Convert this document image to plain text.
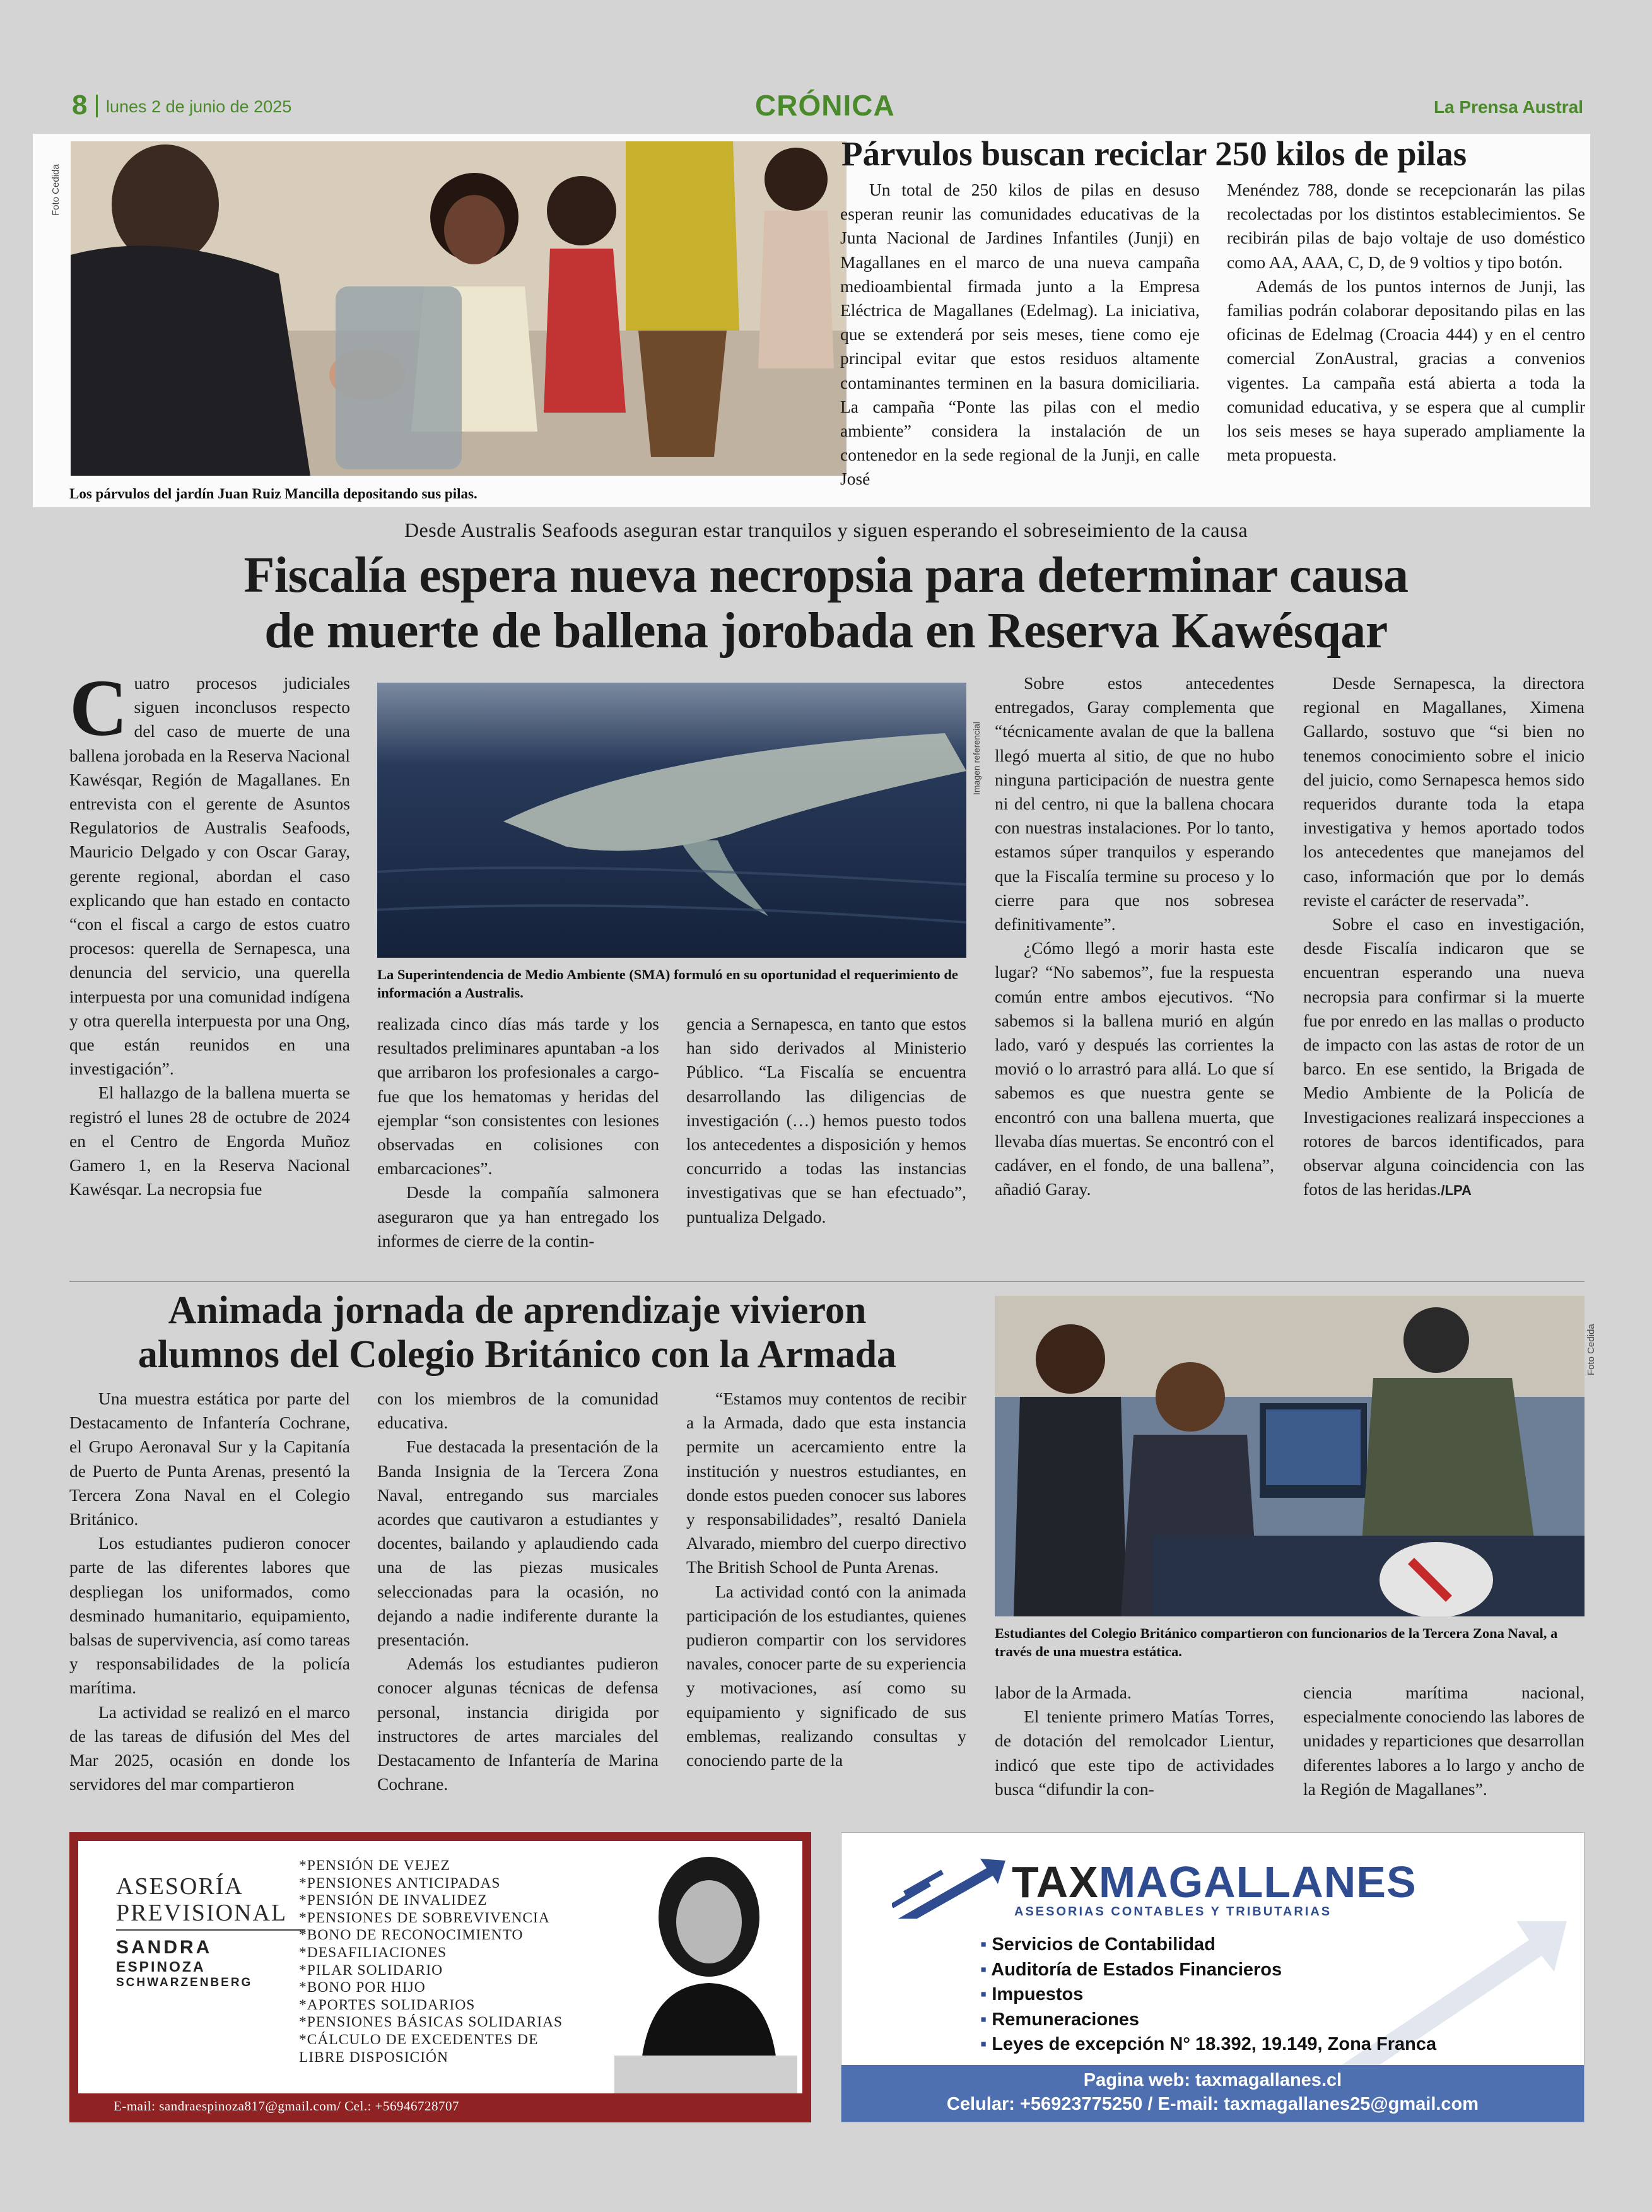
8 lunes 2 de junio de 2025	CRÓNICA	La Prensa Austral
Foto Cedida
Los párvulos del jardín Juan Ruiz Mancilla depositando sus pilas.
Párvulos buscan reciclar 250 kilos de pilas

Un total de 250 kilos de pilas en desuso esperan reunir las comunidades educativas de la Junta Nacional de Jardines Infantiles (Junji) en Magallanes en el marco de una nueva campaña medioambiental firmada junto a la Empresa Eléctrica de Magallanes (Edelmag). La iniciativa, que se extenderá por seis meses, tiene como eje principal evitar que estos residuos altamente contaminantes terminen en la basura domiciliaria. La campaña “Ponte las pilas con el medio ambiente” considera la instalación de un contenedor en la sede regional de la Junji, en calle José

Menéndez 788, donde se recepcionarán las pilas recolectadas por los distintos establecimientos. Se recibirán pilas de bajo voltaje de uso doméstico como AA, AAA, C, D, de 9 voltios y tipo botón.

Además de los puntos internos de Junji, las familias podrán colaborar depositando pilas en las oficinas de Edelmag (Croacia 444) y en el centro comercial ZonAustral, gracias a convenios vigentes. La campaña está abierta a toda la comunidad educativa, y se espera que al cumplir los seis meses se haya superado ampliamente la meta propuesta.

Desde Australis Seafoods aseguran estar tranquilos y siguen esperando el sobreseimiento de la causa
Fiscalía espera nueva necropsia para determinar causa
de muerte de ballena jorobada en Reserva Kawésqar

Cuatro procesos judiciales siguen inconclusos respecto del caso de muerte de una ballena jorobada en la Reserva Nacional Kawésqar, Región de Magallanes. En entrevista con el gerente de Asuntos Regulatorios de Australis Seafoods, Mauricio Delgado y con Oscar Garay, gerente regional, abordan el caso explicando que han estado en contacto “con el fiscal a cargo de estos cuatro procesos: querella de Sernapesca, una denuncia del servicio, una querella interpuesta por una comunidad indígena y otra querella interpuesta por una Ong, que están reunidos en una investigación”.

El hallazgo de la ballena muerta se registró el lunes 28 de octubre de 2024 en el Centro de Engorda Muñoz Gamero 1, en la Reserva Nacional Kawésqar. La necropsia fue

Imagen referencial
La Superintendencia de Medio Ambiente (SMA) formuló en su oportunidad el requerimiento de información a Australis.

realizada cinco días más tarde y los resultados preliminares apuntaban -a los que arribaron los profesionales a cargo- fue que los hematomas y heridas del ejemplar “son consistentes con lesiones observadas en colisiones con embarcaciones”.

Desde la compañía salmonera aseguraron que ya han entregado los informes de cierre de la contin-

gencia a Sernapesca, en tanto que estos han sido derivados al Ministerio Público. “La Fiscalía se encuentra desarrollando las diligencias de investigación (…) hemos puesto todos los antecedentes a disposición y hemos concurrido a todas las instancias investigativas que se han efectuado”, puntualiza Delgado.

Sobre estos antecedentes entregados, Garay complementa que “técnicamente avalan de que la ballena llegó muerta al sitio, de que no hubo ninguna participación de nuestra gente ni del centro, ni que la ballena chocara con nuestras instalaciones. Por lo tanto, estamos súper tranquilos y esperando que la Fiscalía termine su proceso y lo cierre para que nos sobresea definitivamente”.

¿Cómo llegó a morir hasta este lugar? “No sabemos”, fue la respuesta común entre ambos ejecutivos. “No sabemos si la ballena murió en algún lado, varó y después las corrientes la movió o lo arrastró para allá. Lo que sí sabemos es que nuestra gente se encontró con una ballena muerta, que llevaba días muertas. Se encontró con el cadáver, en el fondo, de una ballena”, añadió Garay.

Desde Sernapesca, la directora regional en Magallanes, Ximena Gallardo, sostuvo que “si bien no tenemos conocimiento sobre el inicio del juicio, como Sernapesca hemos sido requeridos durante toda la etapa investigativa y hemos aportado todos los antecedentes que manejamos del caso, información que por lo demás reviste el carácter de reservada”.

Sobre el caso en investigación, desde Fiscalía indicaron que se encuentran esperando una nueva necropsia para confirmar si la muerte fue por enredo en las mallas o producto de impacto con las astas de rotor de un barco. En ese sentido, la Brigada de Medio Ambiente de la Policía de Investigaciones realizará inspecciones a rotores de barcos identificados, para observar alguna coincidencia con las fotos de las heridas./LPA

Animada jornada de aprendizaje vivieron
alumnos del Colegio Británico con la Armada

Una muestra estática por parte del Destacamento de Infantería Cochrane, el Grupo Aeronaval Sur y la Capitanía de Puerto de Punta Arenas, presentó la Tercera Zona Naval en el Colegio Británico.

Los estudiantes pudieron conocer parte de las diferentes labores que despliegan los uniformados, como desminado humanitario, equipamiento, balsas de supervivencia, así como tareas y responsabilidades de la policía marítima.

La actividad se realizó en el marco de las tareas de difusión del Mes del Mar 2025, ocasión en donde los servidores del mar compartieron

con los miembros de la comunidad educativa.

Fue destacada la presentación de la Banda Insignia de la Tercera Zona Naval, entregando sus marciales acordes que cautivaron a estudiantes y docentes, bailando y aplaudiendo cada una de las piezas musicales seleccionadas para la ocasión, no dejando a nadie indiferente durante la presentación.

Además los estudiantes pudieron conocer algunas técnicas de defensa personal, instancia dirigida por instructores de artes marciales del Destacamento de Infantería de Marina Cochrane.

“Estamos muy contentos de recibir a la Armada, dado que esta instancia permite un acercamiento entre la institución y nuestros estudiantes, en donde estos pueden conocer sus labores y responsabilidades”, resaltó Daniela Alvarado, miembro del cuerpo directivo The British School de Punta Arenas.

La actividad contó con la animada participación de los estudiantes, quienes pudieron compartir con los servidores navales, conocer parte de su experiencia y motivaciones, así como su equipamiento y significado de sus emblemas, realizando consultas y conociendo parte de la

Foto Cedida
Estudiantes del Colegio Británico compartieron con funcionarios de la Tercera Zona Naval, a través de una muestra estática.

labor de la Armada.

El teniente primero Matías Torres, de dotación del remolcador Lientur, indicó que este tipo de actividades busca “difundir la con-

ciencia marítima nacional, especialmente conociendo las labores de unidades y reparticiones que desarrollan diferentes labores a lo largo y ancho de la Región de Magallanes”.

ASESORÍA
PREVISIONAL
SANDRA
ESPINOZA
SCHWARZENBERG
*PENSIÓN DE VEJEZ
*PENSIONES ANTICIPADAS
*PENSIÓN DE INVALIDEZ
*PENSIONES DE SOBREVIVENCIA
*BONO DE RECONOCIMIENTO
*DESAFILIACIONES
*PILAR SOLIDARIO
*BONO POR HIJO
*APORTES SOLIDARIOS
*PENSIONES BÁSICAS SOLIDARIAS
*CÁLCULO DE EXCEDENTES DE LIBRE DISPOSICIÓN
E-mail: sandraespinoza817@gmail.com/ Cel.: +56946728707
TAXMAGALLANES
ASESORIAS CONTABLES Y TRIBUTARIAS
▪ Servicios de Contabilidad
▪ Auditoría de Estados Financieros
▪ Impuestos
▪ Remuneraciones
▪ Leyes de excepción N° 18.392, 19.149, Zona Franca
Pagina web: taxmagallanes.cl
Celular: +56923775250 / E-mail: taxmagallanes25@gmail.com
